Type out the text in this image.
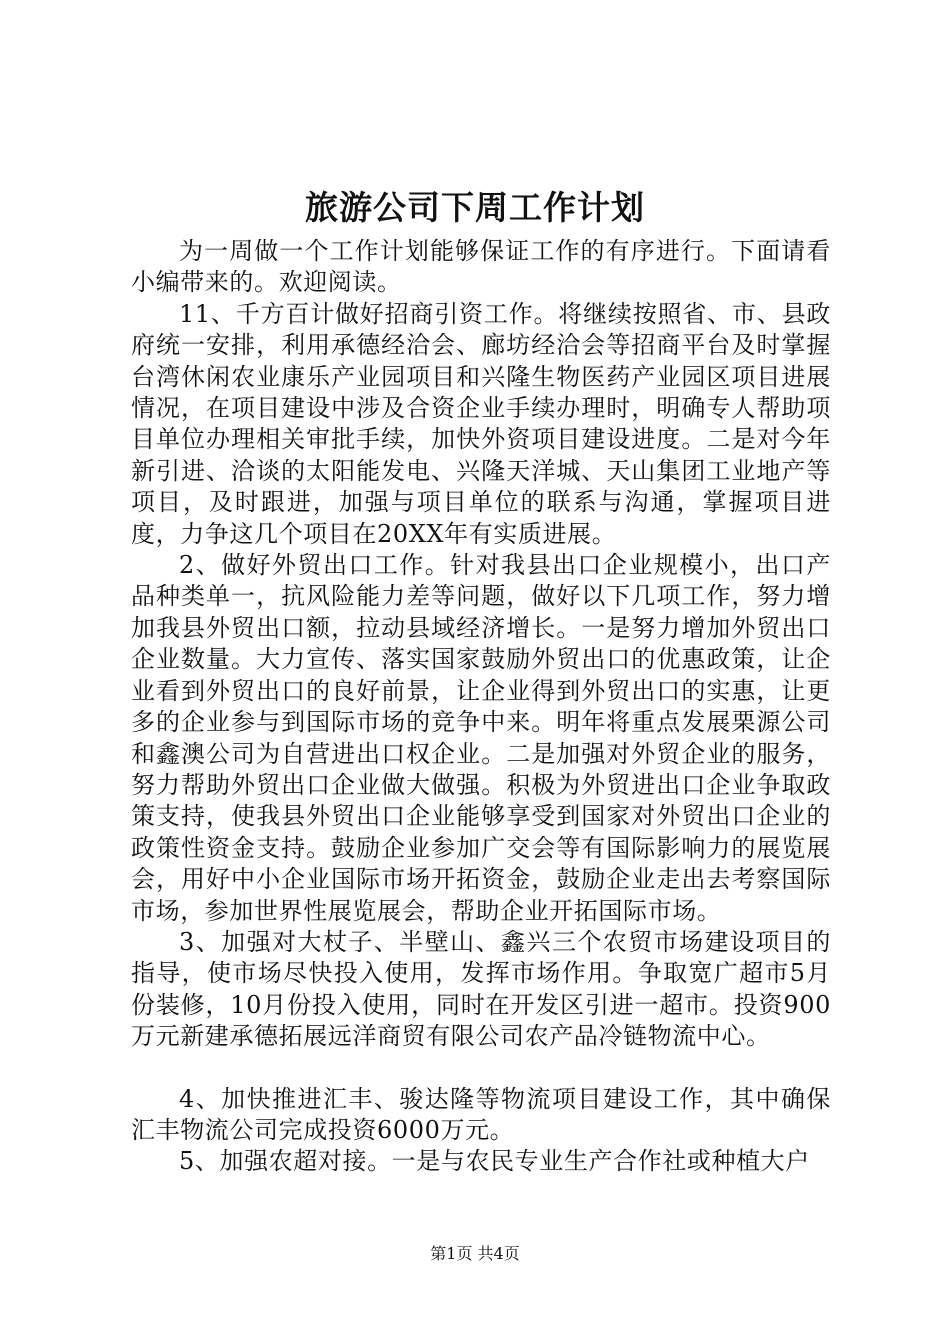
旅游公司下周工作计划

为一周做一个工作计划能够保证工作的有序进行。下面请看小编带来的。欢迎阅读。

11、千方百计做好招商引资工作。将继续按照省、市、县政府统一安排，利用承德经洽会、廊坊经洽会等招商平台及时掌握台湾休闲农业康乐产业园项目和兴隆生物医药产业园区项目进展情况，在项目建设中涉及合资企业手续办理时，明确专人帮助项目单位办理相关审批手续，加快外资项目建设进度。二是对今年新引进、洽谈的太阳能发电、兴隆天洋城、天山集团工业地产等项目，及时跟进，加强与项目单位的联系与沟通，掌握项目进度，力争这几个项目在20XX年有实质进展。

2、做好外贸出口工作。针对我县出口企业规模小，出口产品种类单一，抗风险能力差等问题，做好以下几项工作，努力增加我县外贸出口额，拉动县域经济增长。一是努力增加外贸出口企业数量。大力宣传、落实国家鼓励外贸出口的优惠政策，让企业看到外贸出口的良好前景，让企业得到外贸出口的实惠，让更多的企业参与到国际市场的竞争中来。明年将重点发展栗源公司和鑫澳公司为自营进出口权企业。二是加强对外贸企业的服务，努力帮助外贸出口企业做大做强。积极为外贸进出口企业争取政策支持，使我县外贸出口企业能够享受到国家对外贸出口企业的政策性资金支持。鼓励企业参加广交会等有国际影响力的展览展会，用好中小企业国际市场开拓资金，鼓励企业走出去考察国际市场，参加世界性展览展会，帮助企业开拓国际市场。

3、加强对大杖子、半壁山、鑫兴三个农贸市场建设项目的指导，使市场尽快投入使用，发挥市场作用。争取宽广超市5月份装修，10月份投入使用，同时在开发区引进一超市。投资900万元新建承德拓展远洋商贸有限公司农产品冷链物流中心。

4、加快推进汇丰、骏达隆等物流项目建设工作，其中确保汇丰物流公司完成投资6000万元。

5、加强农超对接。一是与农民专业生产合作社或种植大户

第1页 共4页
